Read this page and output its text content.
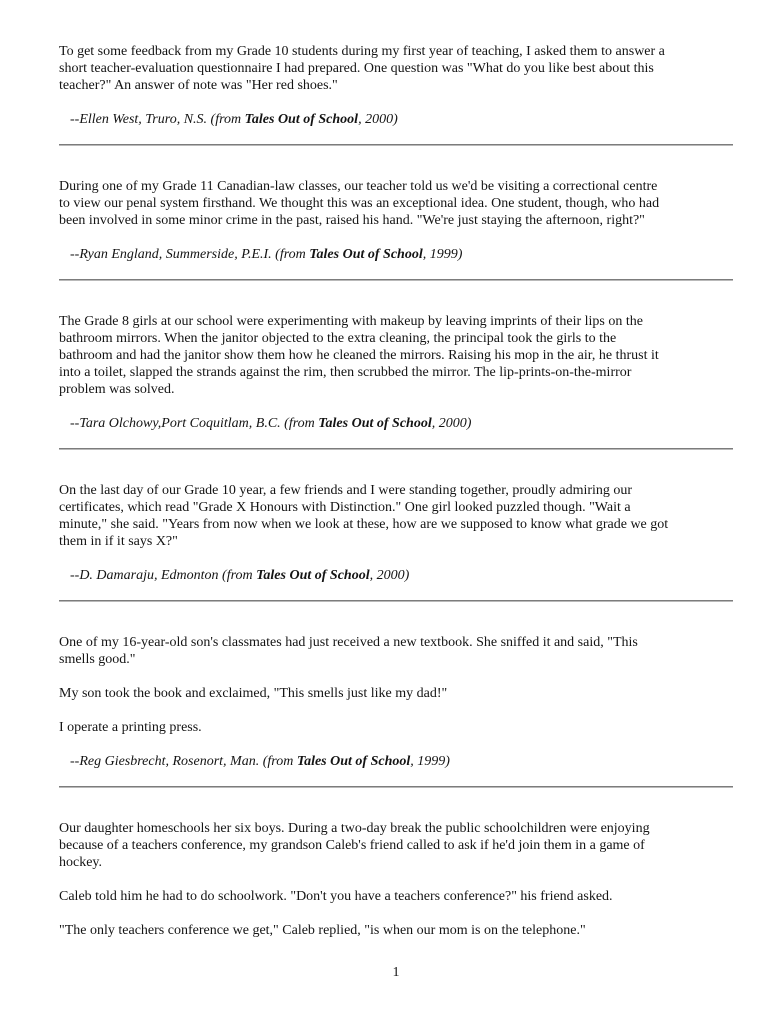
To get some feedback from my Grade 10 students during my first year of teaching, I asked them to answer a
short teacher-evaluation questionnaire I had prepared. One question was "What do you like best about this
teacher?" An answer of note was "Her red shoes."
--Ellen West, Truro, N.S. (from Tales Out of School, 2000)
During one of my Grade 11 Canadian-law classes, our teacher told us we'd be visiting a correctional centre
to view our penal system firsthand. We thought this was an exceptional idea. One student, though, who had
been involved in some minor crime in the past, raised his hand. "We're just staying the afternoon, right?"
--Ryan England, Summerside, P.E.I. (from Tales Out of School, 1999)
The Grade 8 girls at our school were experimenting with makeup by leaving imprints of their lips on the
bathroom mirrors. When the janitor objected to the extra cleaning, the principal took the girls to the
bathroom and had the janitor show them how he cleaned the mirrors. Raising his mop in the air, he thrust it
into a toilet, slapped the strands against the rim, then scrubbed the mirror. The lip-prints-on-the-mirror
problem was solved.
--Tara Olchowy,Port Coquitlam, B.C. (from Tales Out of School, 2000)
On the last day of our Grade 10 year, a few friends and I were standing together, proudly admiring our
certificates, which read "Grade X Honours with Distinction." One girl looked puzzled though. "Wait a
minute," she said. "Years from now when we look at these, how are we supposed to know what grade we got
them in if it says X?"
--D. Damaraju, Edmonton (from Tales Out of School, 2000)
One of my 16-year-old son's classmates had just received a new textbook. She sniffed it and said, "This
smells good."
My son took the book and exclaimed, "This smells just like my dad!"
I operate a printing press.
--Reg Giesbrecht, Rosenort, Man. (from Tales Out of School, 1999)
Our daughter homeschools her six boys. During a two-day break the public schoolchildren were enjoying
because of a teachers conference, my grandson Caleb's friend called to ask if he'd join them in a game of
hockey.
Caleb told him he had to do schoolwork. "Don't you have a teachers conference?" his friend asked.
"The only teachers conference we get," Caleb replied, "is when our mom is on the telephone."
1
